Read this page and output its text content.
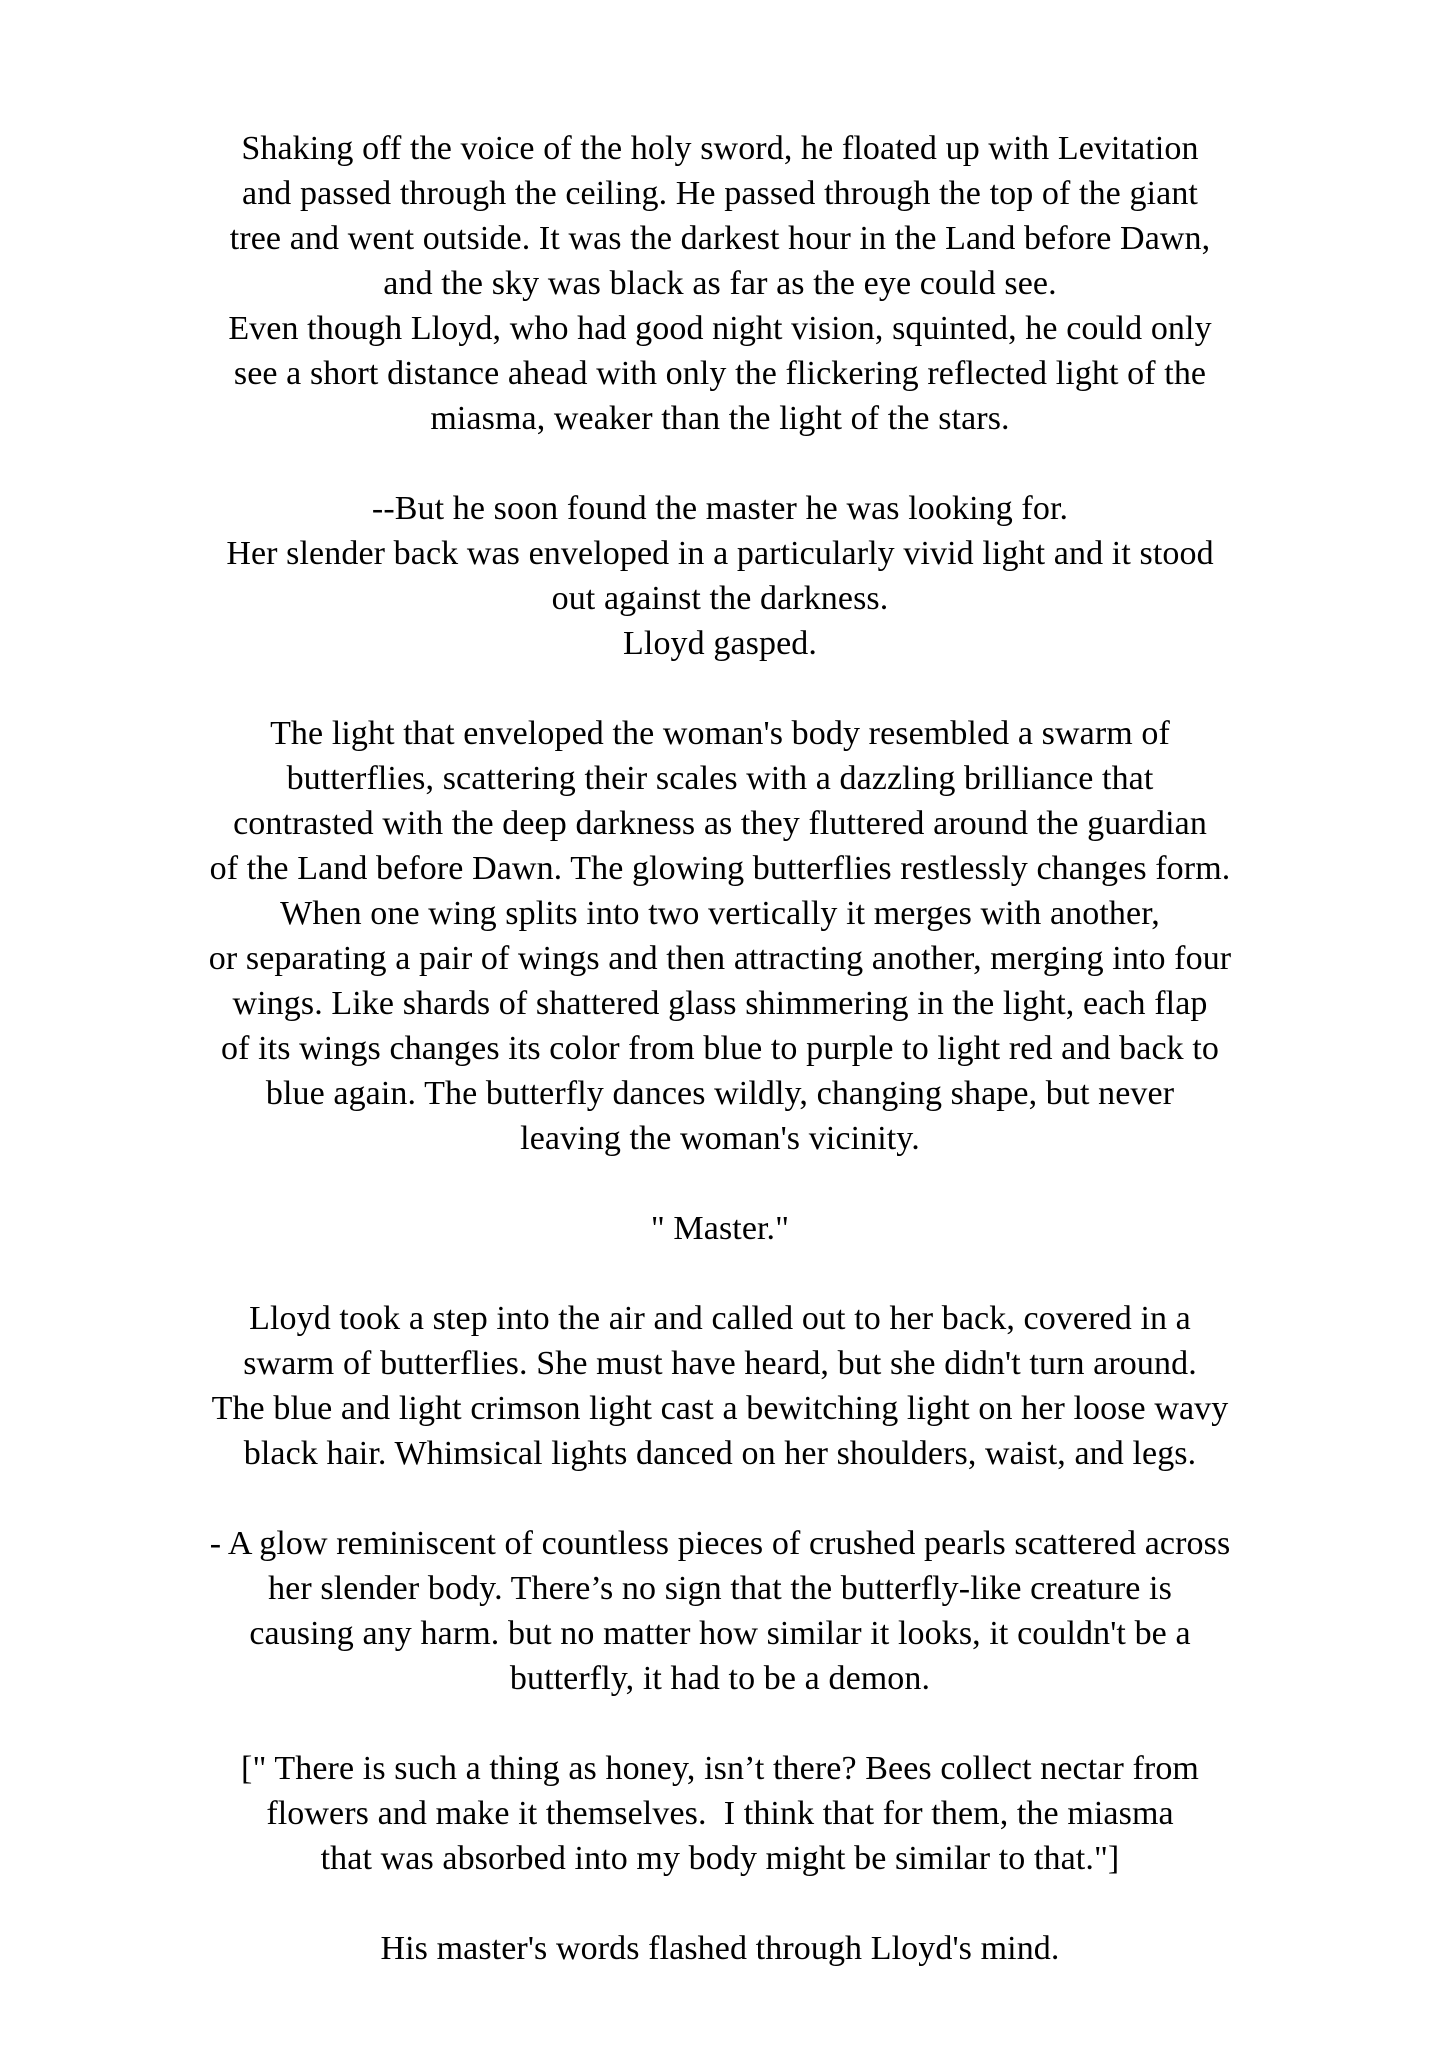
Shaking off the voice of the holy sword, he floated up with Levitation
and passed through the ceiling. He passed through the top of the giant
tree and went outside. It was the darkest hour in the Land before Dawn,
and the sky was black as far as the eye could see.
Even though Lloyd, who had good night vision, squinted, he could only
see a short distance ahead with only the flickering reflected light of the
miasma, weaker than the light of the stars.

--But he soon found the master he was looking for.
Her slender back was enveloped in a particularly vivid light and it stood
out against the darkness.
Lloyd gasped.

The light that enveloped the woman's body resembled a swarm of
butterflies, scattering their scales with a dazzling brilliance that
contrasted with the deep darkness as they fluttered around the guardian
of the Land before Dawn. The glowing butterflies restlessly changes form.
When one wing splits into two vertically it merges with another,
or separating a pair of wings and then attracting another, merging into four
wings. Like shards of shattered glass shimmering in the light, each flap
of its wings changes its color from blue to purple to light red and back to
blue again. The butterfly dances wildly, changing shape, but never
leaving the woman's vicinity.

" Master."

Lloyd took a step into the air and called out to her back, covered in a
swarm of butterflies. She must have heard, but she didn't turn around.
The blue and light crimson light cast a bewitching light on her loose wavy
black hair. Whimsical lights danced on her shoulders, waist, and legs.

- A glow reminiscent of countless pieces of crushed pearls scattered across
her slender body. There’s no sign that the butterfly-like creature is
causing any harm. but no matter how similar it looks, it couldn't be a
butterfly, it had to be a demon.

[" There is such a thing as honey, isn’t there? Bees collect nectar from
flowers and make it themselves.  I think that for them, the miasma
that was absorbed into my body might be similar to that."]

His master's words flashed through Lloyd's mind.
